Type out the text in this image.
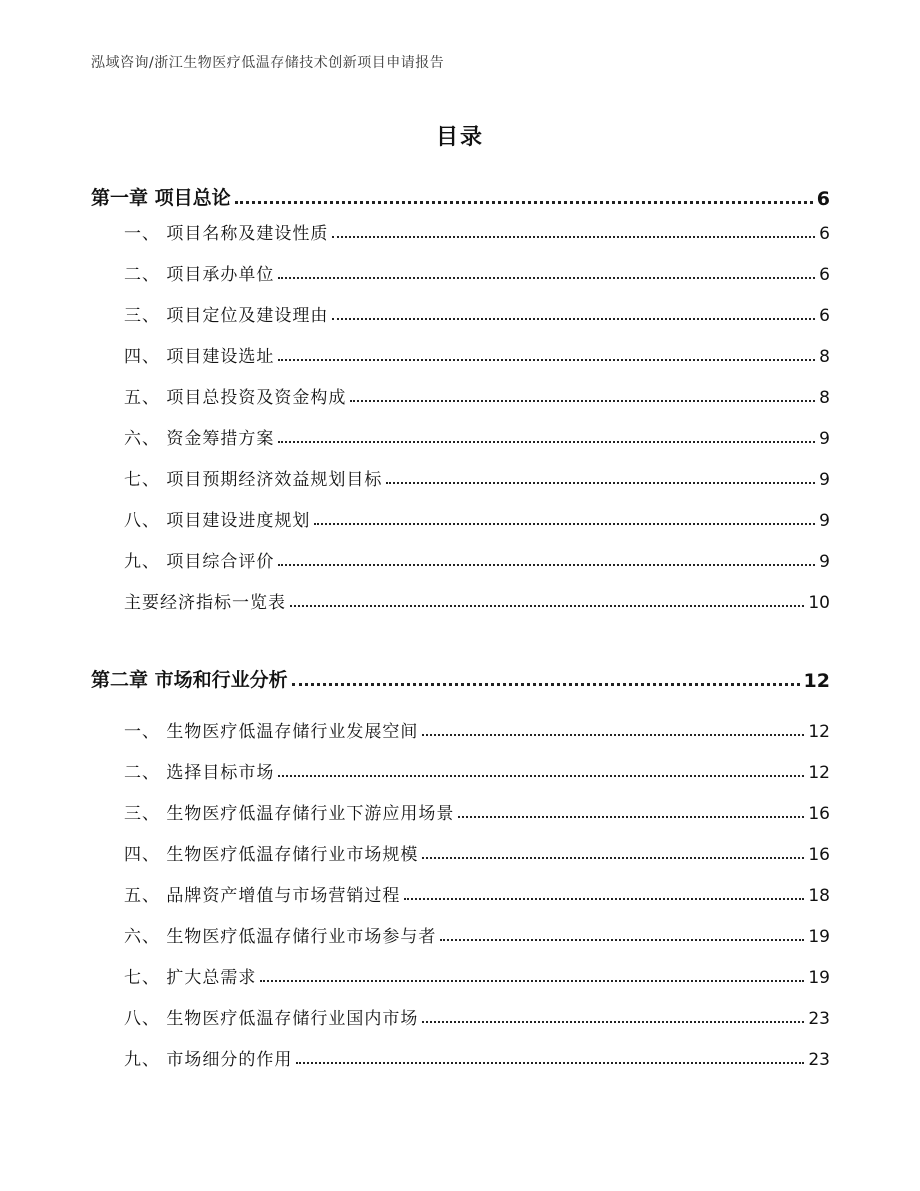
泓域咨询/浙江生物医疗低温存储技术创新项目申请报告
目录
第一章 项目总论	6
一、 项目名称及建设性质	6
二、 项目承办单位	6
三、 项目定位及建设理由	6
四、 项目建设选址	8
五、 项目总投资及资金构成	8
六、 资金筹措方案	9
七、 项目预期经济效益规划目标	9
八、 项目建设进度规划	9
九、 项目综合评价	9
主要经济指标一览表	10
第二章 市场和行业分析	12
一、 生物医疗低温存储行业发展空间	12
二、 选择目标市场	12
三、 生物医疗低温存储行业下游应用场景	16
四、 生物医疗低温存储行业市场规模	16
五、 品牌资产增值与市场营销过程	18
六、 生物医疗低温存储行业市场参与者	19
七、 扩大总需求	19
八、 生物医疗低温存储行业国内市场	23
九、 市场细分的作用	23
